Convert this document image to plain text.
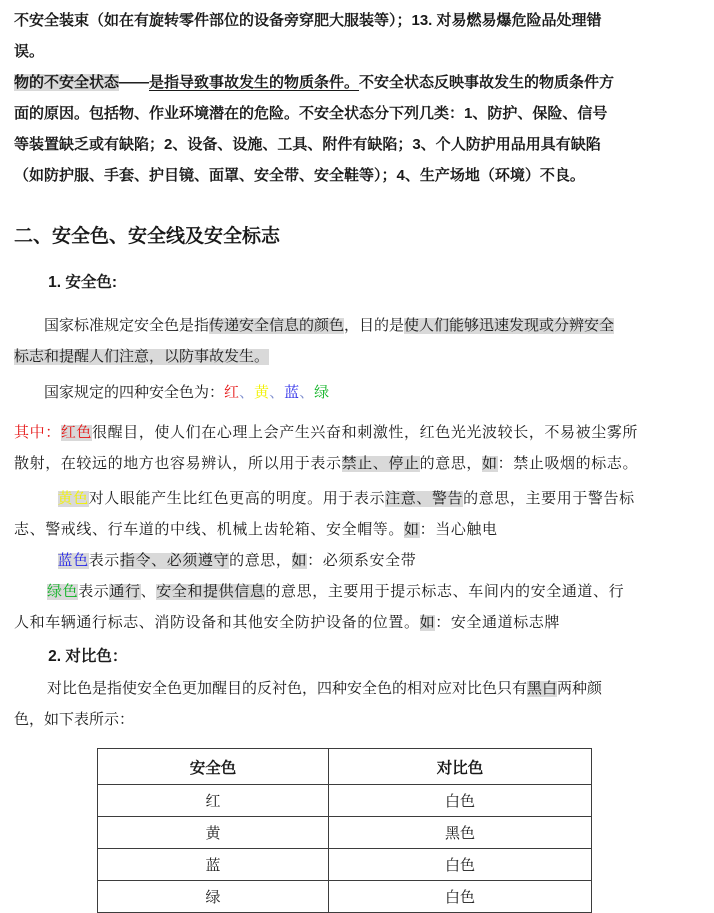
不安全装束（如在有旋转零件部位的设备旁穿肥大服装等）；13. 对易燃易爆危险品处理错
误。
物的不安全状态——是指导致事故发生的物质条件。不安全状态反映事故发生的物质条件方
面的原因。包括物、作业环境潜在的危险。不安全状态分下列几类：1、防护、保险、信号
等装置缺乏或有缺陷；2、设备、设施、工具、附件有缺陷；3、个人防护用品用具有缺陷
（如防护服、手套、护目镜、面罩、安全带、安全鞋等）；4、生产场地（环境）不良。
二、安全色、安全线及安全标志
1. 安全色:
国家标准规定安全色是指传递安全信息的颜色，目的是使人们能够迅速发现或分辨安全
标志和提醒人们注意，以防事故发生。
国家规定的四种安全色为：红、黄、蓝、绿
其中：红色很醒目，使人们在心理上会产生兴奋和刺激性，红色光光波较长，不易被尘雾所
散射，在较远的地方也容易辨认，所以用于表示禁止、停止的意思，如：禁止吸烟的标志。
黄色对人眼能产生比红色更高的明度。用于表示注意、警告的意思，主要用于警告标
志、警戒线、行车道的中线、机械上齿轮箱、安全帽等。如：当心触电
蓝色表示指令、必须遵守的意思，如：必须系安全带
绿色表示通行、安全和提供信息的意思，主要用于提示标志、车间内的安全通道、行
人和车辆通行标志、消防设备和其他安全防护设备的位置。如：安全通道标志牌
2. 对比色：
对比色是指使安全色更加醒目的反衬色，四种安全色的相对应对比色只有黑白两种颜
色，如下表所示：
安全色	对比色
红	白色
黄	黑色
蓝	白色
绿	白色
